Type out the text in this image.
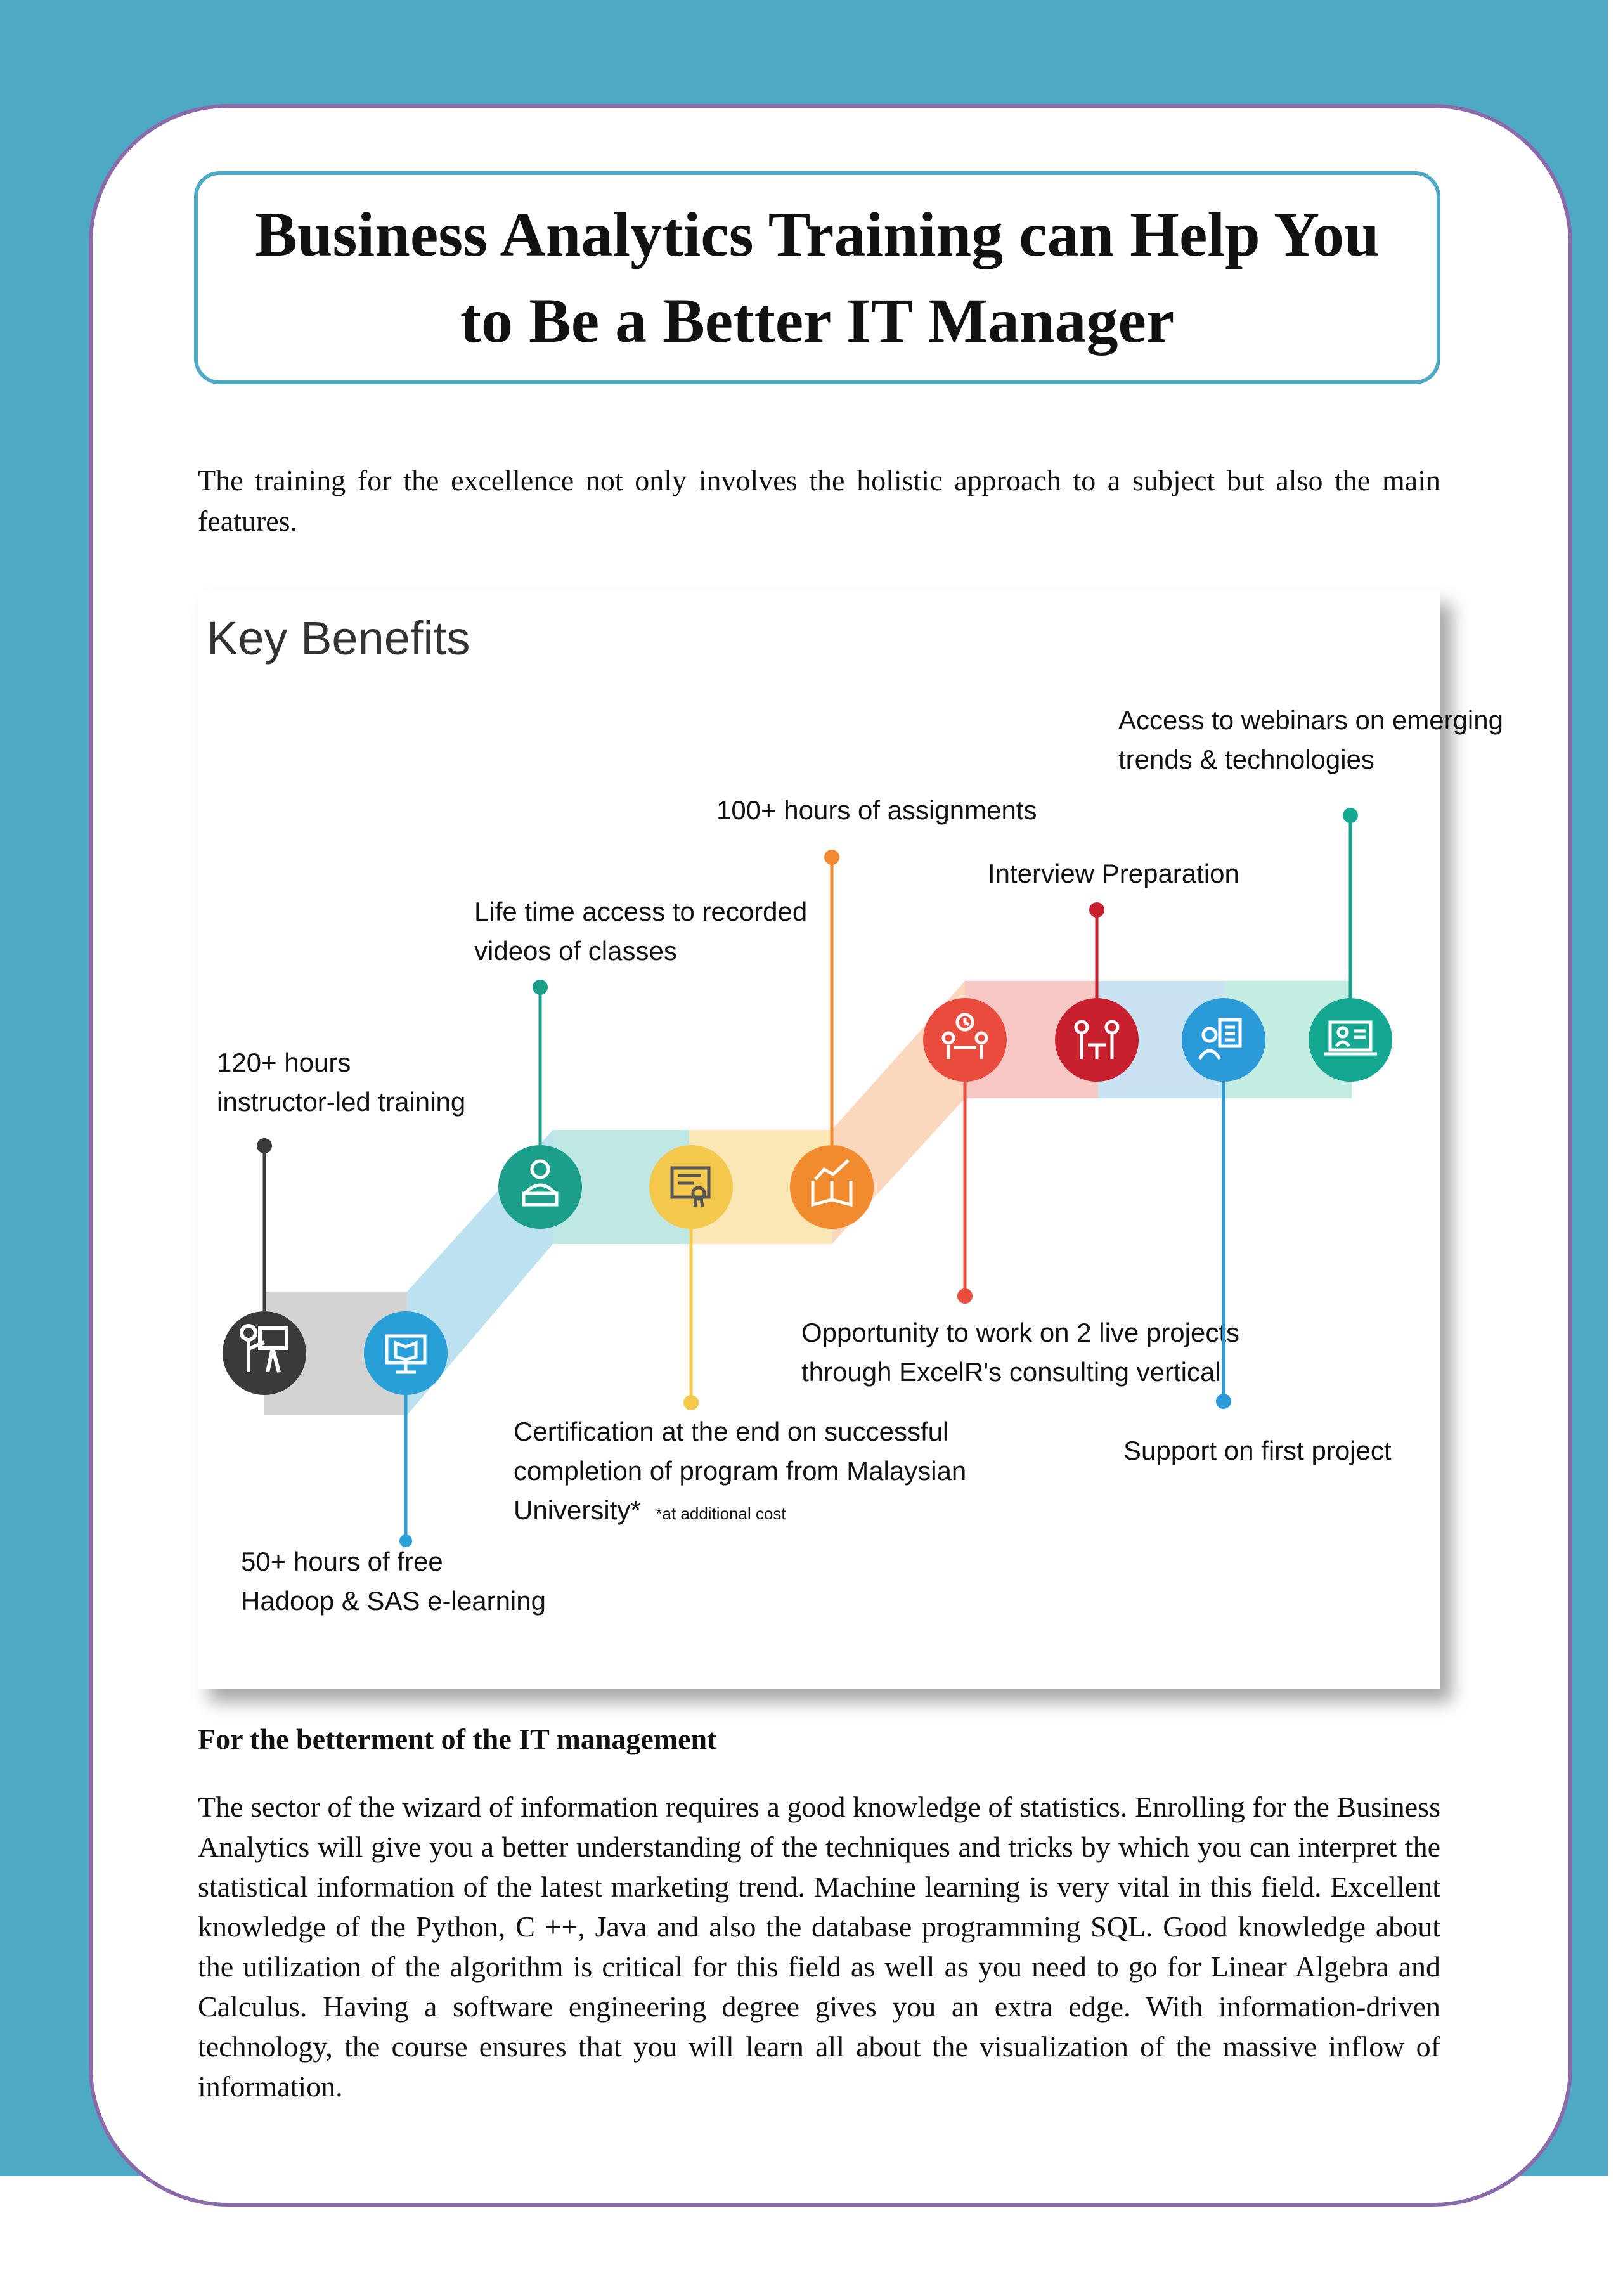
Business Analytics Training can Help You
to Be a Better IT Manager

The training for the excellence not only involves the holistic approach to a subject but also the main features.

Key Benefits
120+ hours instructor-led training
50+ hours of free Hadoop & SAS e-learning
Life time access to recorded videos of classes
Certification at the end on successful completion of program from Malaysian University* *at additional cost
100+ hours of assignments
Opportunity to work on 2 live projects through ExcelR's consulting vertical
Interview Preparation
Support on first project
Access to webinars on emerging trends & technologies

For the betterment of the IT management

The sector of the wizard of information requires a good knowledge of statistics. Enrolling for the Business Analytics will give you a better understanding of the techniques and tricks by which you can interpret the statistical information of the latest marketing trend. Machine learning is very vital in this field. Excellent knowledge of the Python, C ++, Java and also the database programming SQL. Good knowledge about the utilization of the algorithm is critical for this field as well as you need to go for Linear Algebra and Calculus. Having a software engineering degree gives you an extra edge. With information-driven technology, the course ensures that you will learn all about the visualization of the massive inflow of information.
